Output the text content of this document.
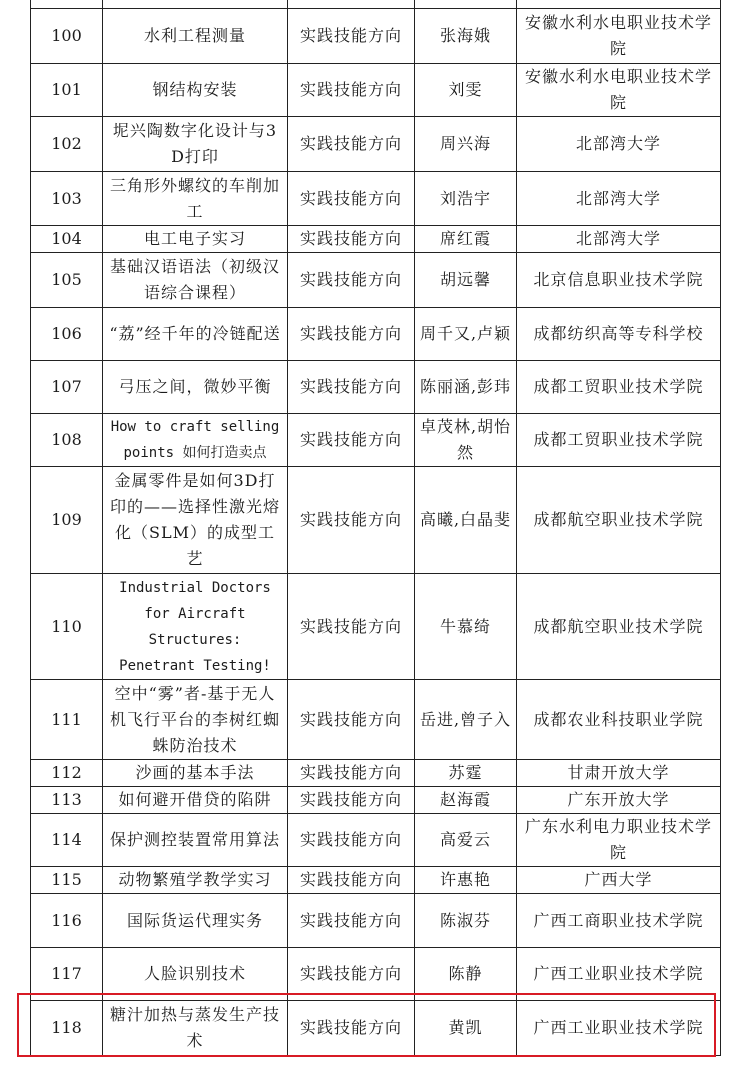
100	水利工程测量	实践技能方向	张海娥	安徽水利水电职业技术学院
101	钢结构安装	实践技能方向	刘雯	安徽水利水电职业技术学院
102	坭兴陶数字化设计与3D打印	实践技能方向	周兴海	北部湾大学
103	三角形外螺纹的车削加工	实践技能方向	刘浩宇	北部湾大学
104	电工电子实习	实践技能方向	席红霞	北部湾大学
105	基础汉语语法（初级汉语综合课程）	实践技能方向	胡远馨	北京信息职业技术学院
106	“荔”经千年的冷链配送	实践技能方向	周千又,卢颖	成都纺织高等专科学校
107	弓压之间，微妙平衡	实践技能方向	陈丽涵,彭玮	成都工贸职业技术学院
108	How to craft selling points 如何打造卖点	实践技能方向	卓茂林,胡怡然	成都工贸职业技术学院
109	金属零件是如何3D打印的——选择性激光熔化（SLM）的成型工艺	实践技能方向	高曦,白晶斐	成都航空职业技术学院
110	Industrial Doctors for Aircraft Structures: Penetrant Testing!	实践技能方向	牛慕绮	成都航空职业技术学院
111	空中“雾”者-基于无人机飞行平台的李树红蜘蛛防治技术	实践技能方向	岳进,曾子入	成都农业科技职业学院
112	沙画的基本手法	实践技能方向	苏霆	甘肃开放大学
113	如何避开借贷的陷阱	实践技能方向	赵海霞	广东开放大学
114	保护测控装置常用算法	实践技能方向	高爱云	广东水利电力职业技术学院
115	动物繁殖学教学实习	实践技能方向	许惠艳	广西大学
116	国际货运代理实务	实践技能方向	陈淑芬	广西工商职业技术学院
117	人脸识别技术	实践技能方向	陈静	广西工业职业技术学院
118	糖汁加热与蒸发生产技术	实践技能方向	黄凯	广西工业职业技术学院
